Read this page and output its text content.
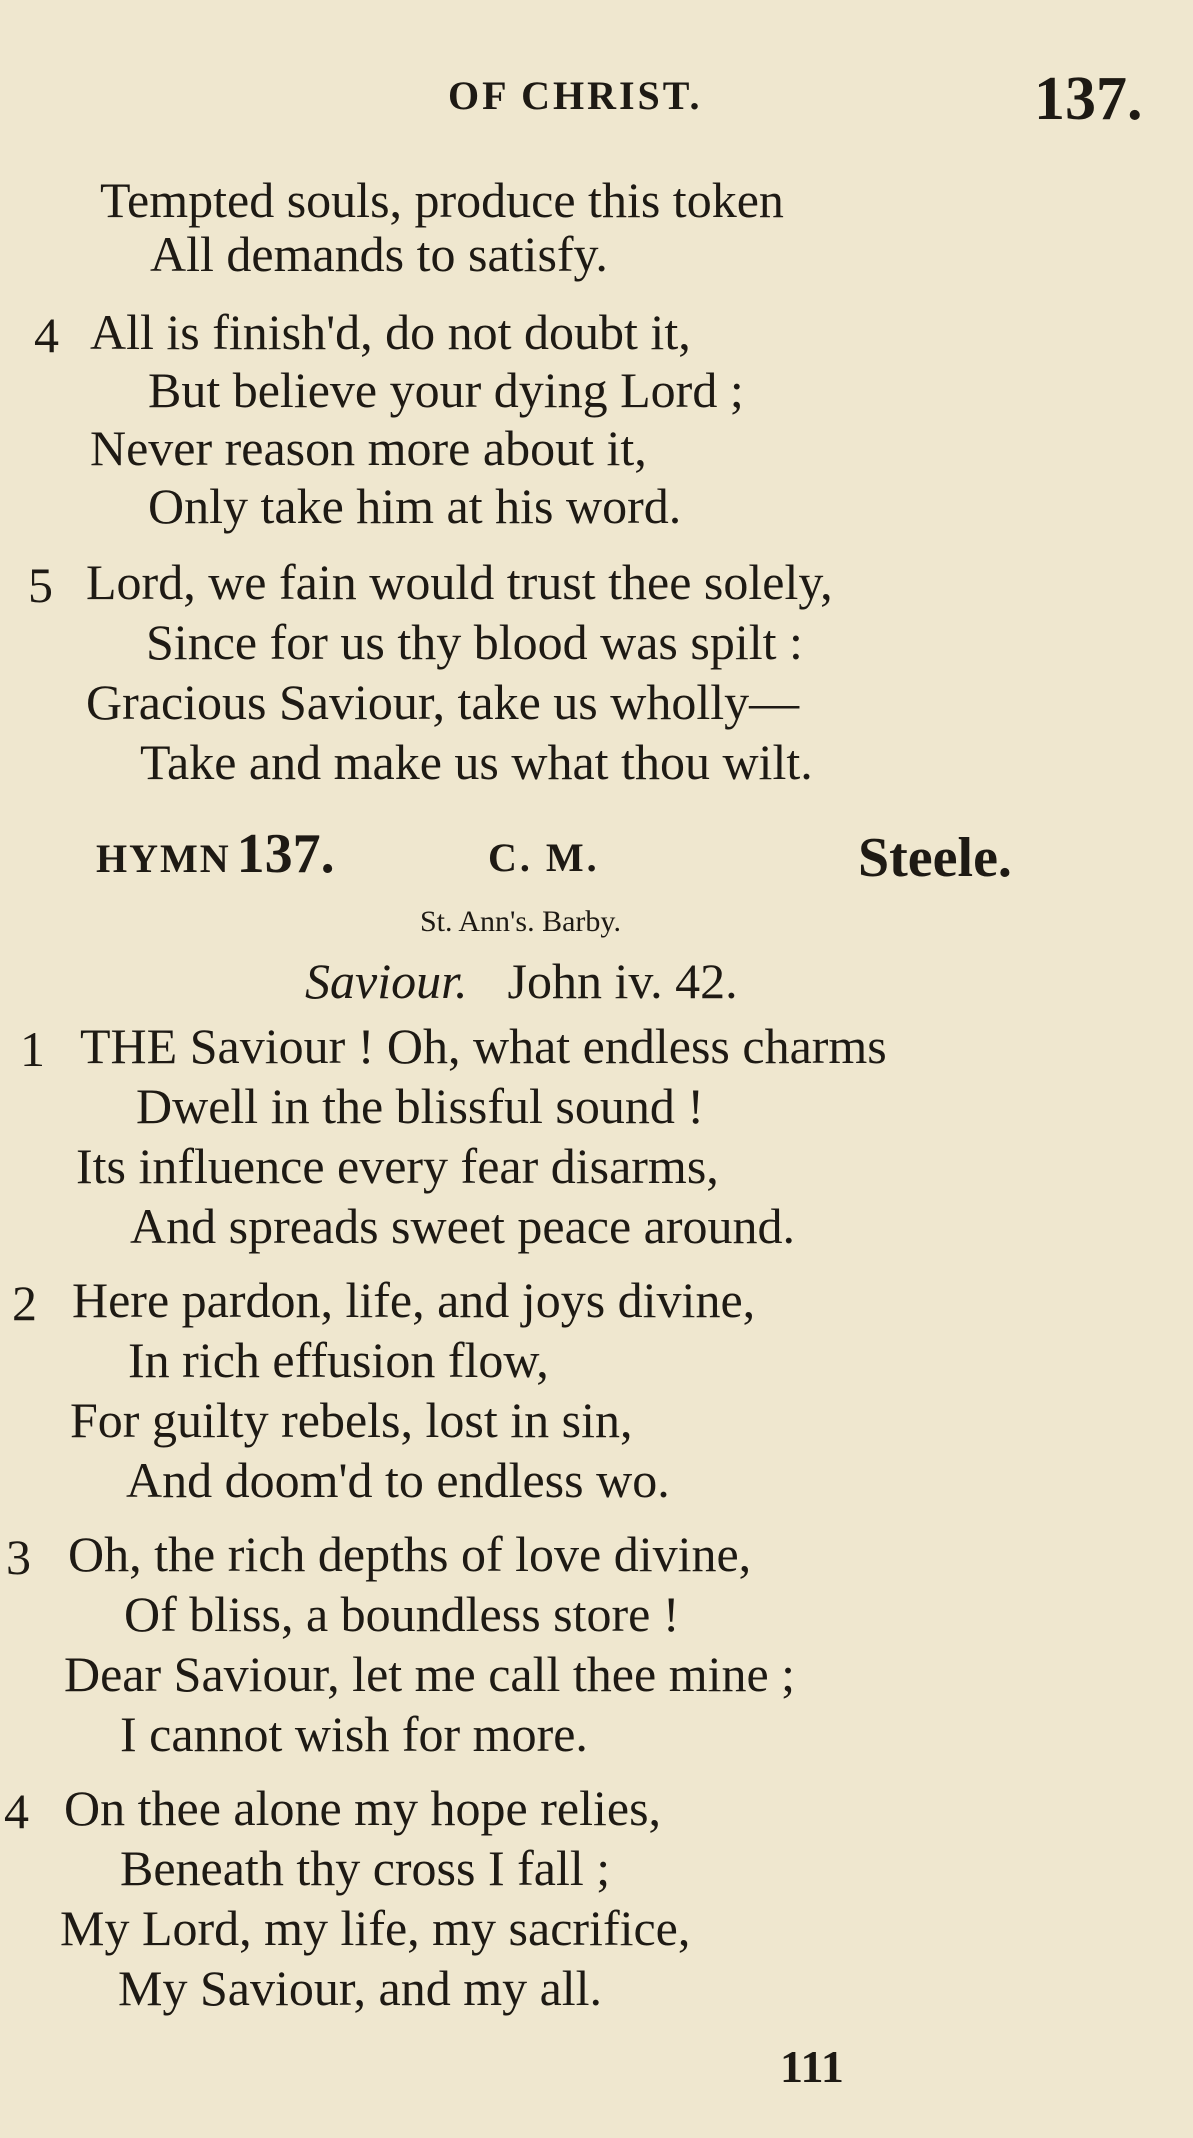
OF CHRIST.	137.
Tempted souls, produce this token
All demands to satisfy.
4 All is finish'd, do not doubt it,
But believe your dying Lord ;
Never reason more about it,
Only take him at his word.
5 Lord, we fain would trust thee solely,
Since for us thy blood was spilt :
Gracious Saviour, take us wholly—
Take and make us what thou wilt.
HYMN 137.	C. M.	Steele.
St. Ann's. Barby.
Saviour. John iv. 42.
1 THE Saviour ! Oh, what endless charms
Dwell in the blissful sound !
Its influence every fear disarms,
And spreads sweet peace around.
2 Here pardon, life, and joys divine,
In rich effusion flow,
For guilty rebels, lost in sin,
And doom'd to endless wo.
3 Oh, the rich depths of love divine,
Of bliss, a boundless store !
Dear Saviour, let me call thee mine ;
I cannot wish for more.
4 On thee alone my hope relies,
Beneath thy cross I fall ;
My Lord, my life, my sacrifice,
My Saviour, and my all.
111
